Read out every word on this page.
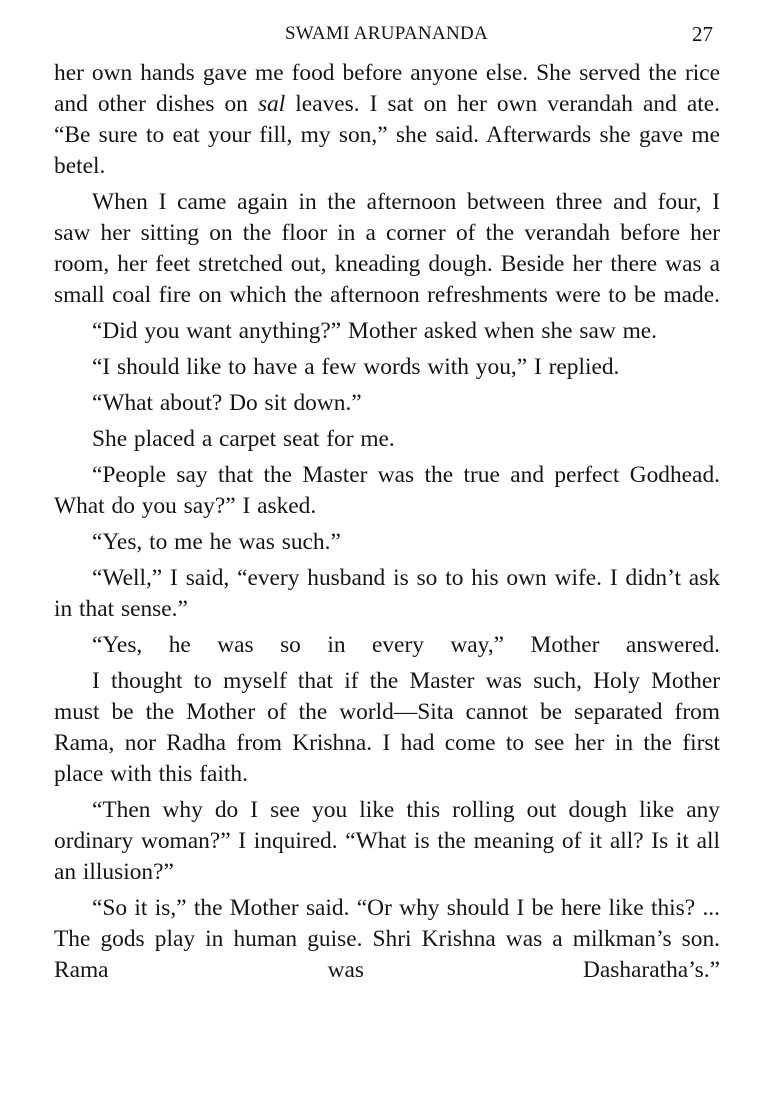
SWAMI ARUPANANDA	27

her own hands gave me food before anyone else. She served the rice and other dishes on sal leaves. I sat on her own verandah and ate. “Be sure to eat your fill, my son,” she said. Afterwards she gave me betel.

When I came again in the afternoon between three and four, I saw her sitting on the floor in a corner of the verandah before her room, her feet stretched out, kneading dough. Beside her there was a small coal fire on which the afternoon refreshments were to be made.

“Did you want anything?” Mother asked when she saw me.

“I should like to have a few words with you,” I replied.

“What about? Do sit down.”

She placed a carpet seat for me.

“People say that the Master was the true and perfect Godhead. What do you say?” I asked.

“Yes, to me he was such.”

“Well,” I said, “every husband is so to his own wife. I didn’t ask in that sense.”

“Yes, he was so in every way,” Mother answered.

I thought to myself that if the Master was such, Holy Mother must be the Mother of the world—Sita cannot be separated from Rama, nor Radha from Krishna. I had come to see her in the first place with this faith.

“Then why do I see you like this rolling out dough like any ordinary woman?” I inquired. “What is the meaning of it all? Is it all an illusion?”

“So it is,” the Mother said. “Or why should I be here like this? ... The gods play in human guise. Shri Krishna was a milkman’s son. Rama was Dasharatha’s.”
